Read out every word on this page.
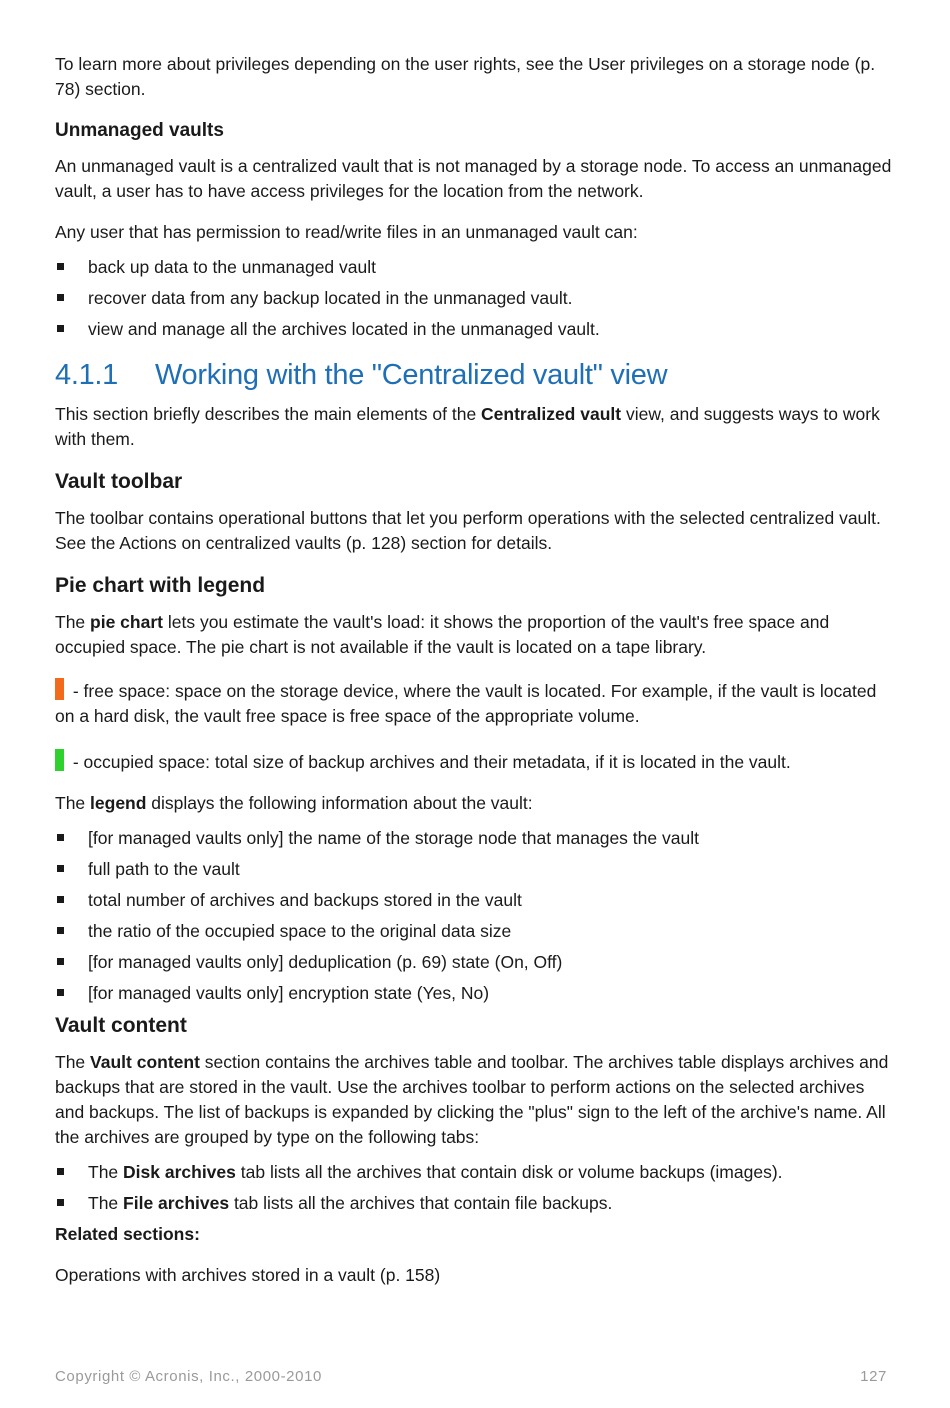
To learn more about privileges depending on the user rights, see the User privileges on a storage node (p. 78) section.

Unmanaged vaults

An unmanaged vault is a centralized vault that is not managed by a storage node. To access an unmanaged vault, a user has to have access privileges for the location from the network.

Any user that has permission to read/write files in an unmanaged vault can:

back up data to the unmanaged vault
recover data from any backup located in the unmanaged vault.
view and manage all the archives located in the unmanaged vault.
4.1.1 Working with the "Centralized vault" view

This section briefly describes the main elements of the Centralized vault view, and suggests ways to work with them.

Vault toolbar

The toolbar contains operational buttons that let you perform operations with the selected centralized vault. See the Actions on centralized vaults (p. 128) section for details.

Pie chart with legend

The pie chart lets you estimate the vault's load: it shows the proportion of the vault's free space and occupied space. The pie chart is not available if the vault is located on a tape library.

- free space: space on the storage device, where the vault is located. For example, if the vault is located on a hard disk, the vault free space is free space of the appropriate volume.

- occupied space: total size of backup archives and their metadata, if it is located in the vault.

The legend displays the following information about the vault:

[for managed vaults only] the name of the storage node that manages the vault
full path to the vault
total number of archives and backups stored in the vault
the ratio of the occupied space to the original data size
[for managed vaults only] deduplication (p. 69) state (On, Off)
[for managed vaults only] encryption state (Yes, No)
Vault content

The Vault content section contains the archives table and toolbar. The archives table displays archives and backups that are stored in the vault. Use the archives toolbar to perform actions on the selected archives and backups. The list of backups is expanded by clicking the "plus" sign to the left of the archive's name. All the archives are grouped by type on the following tabs:

The Disk archives tab lists all the archives that contain disk or volume backups (images).
The File archives tab lists all the archives that contain file backups.
Related sections:

Operations with archives stored in a vault (p. 158)

Copyright © Acronis, Inc., 2000-2010	127
